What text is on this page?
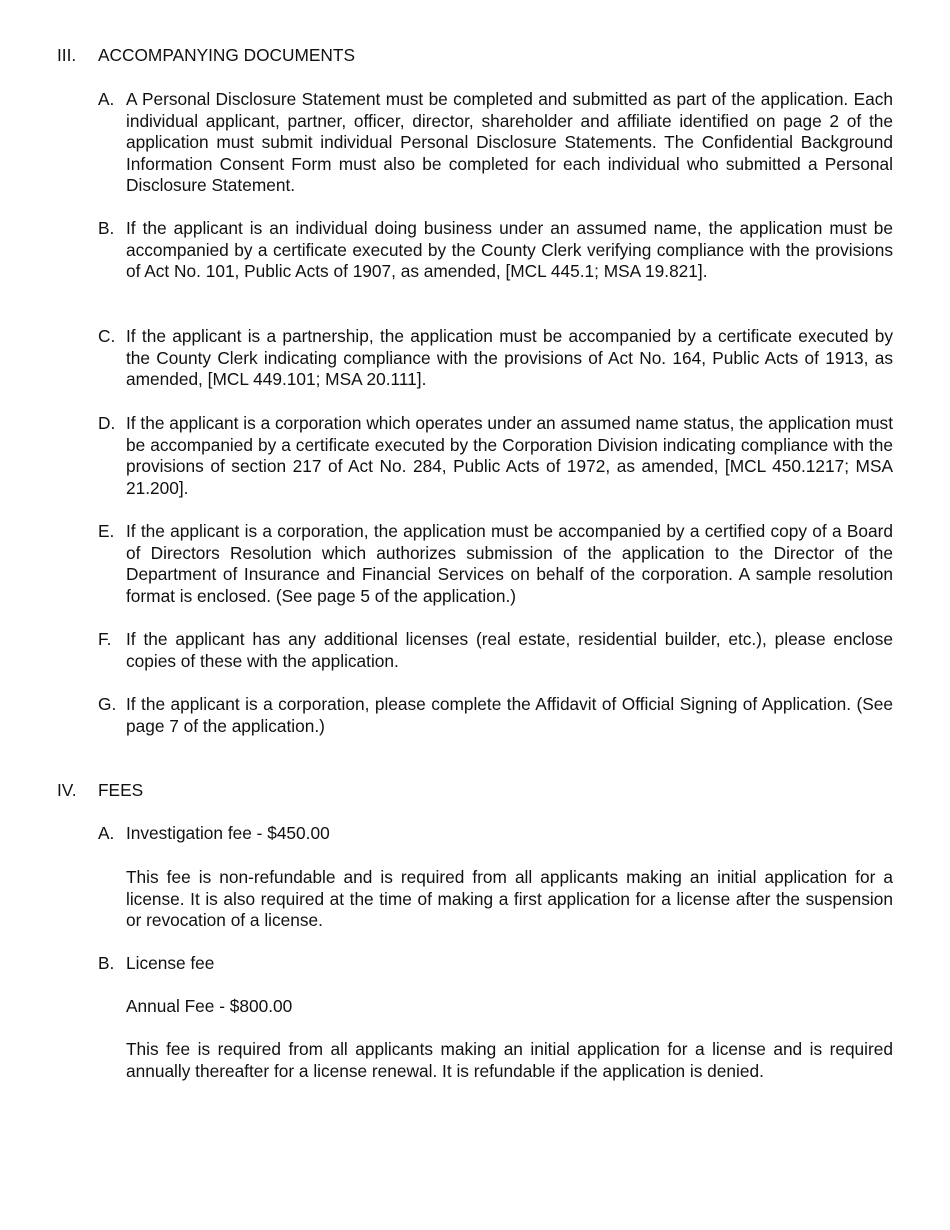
III. ACCOMPANYING DOCUMENTS
A. A Personal Disclosure Statement must be completed and submitted as part of the application. Each individual applicant, partner, officer, director, shareholder and affiliate identified on page 2 of the application must submit individual Personal Disclosure Statements. The Confidential Background Information Consent Form must also be completed for each individual who submitted a Personal Disclosure Statement.
B. If the applicant is an individual doing business under an assumed name, the application must be accompanied by a certificate executed by the County Clerk verifying compliance with the provisions of Act No. 101, Public Acts of 1907, as amended, [MCL 445.1; MSA 19.821].
C. If the applicant is a partnership, the application must be accompanied by a certificate executed by the County Clerk indicating compliance with the provisions of Act No. 164, Public Acts of 1913, as amended, [MCL 449.101; MSA 20.111].
D. If the applicant is a corporation which operates under an assumed name status, the application must be accompanied by a certificate executed by the Corporation Division indicating compliance with the provisions of section 217 of Act No. 284, Public Acts of 1972, as amended, [MCL 450.1217; MSA 21.200].
E. If the applicant is a corporation, the application must be accompanied by a certified copy of a Board of Directors Resolution which authorizes submission of the application to the Director of the Department of Insurance and Financial Services on behalf of the corporation. A sample resolution format is enclosed. (See page 5 of the application.)
F. If the applicant has any additional licenses (real estate, residential builder, etc.), please enclose copies of these with the application.
G. If the applicant is a corporation, please complete the Affidavit of Official Signing of Application. (See page 7 of the application.)
IV. FEES
A. Investigation fee - $450.00
This fee is non-refundable and is required from all applicants making an initial application for a license. It is also required at the time of making a first application for a license after the suspension or revocation of a license.
B. License fee
Annual Fee - $800.00
This fee is required from all applicants making an initial application for a license and is required annually thereafter for a license renewal. It is refundable if the application is denied.
